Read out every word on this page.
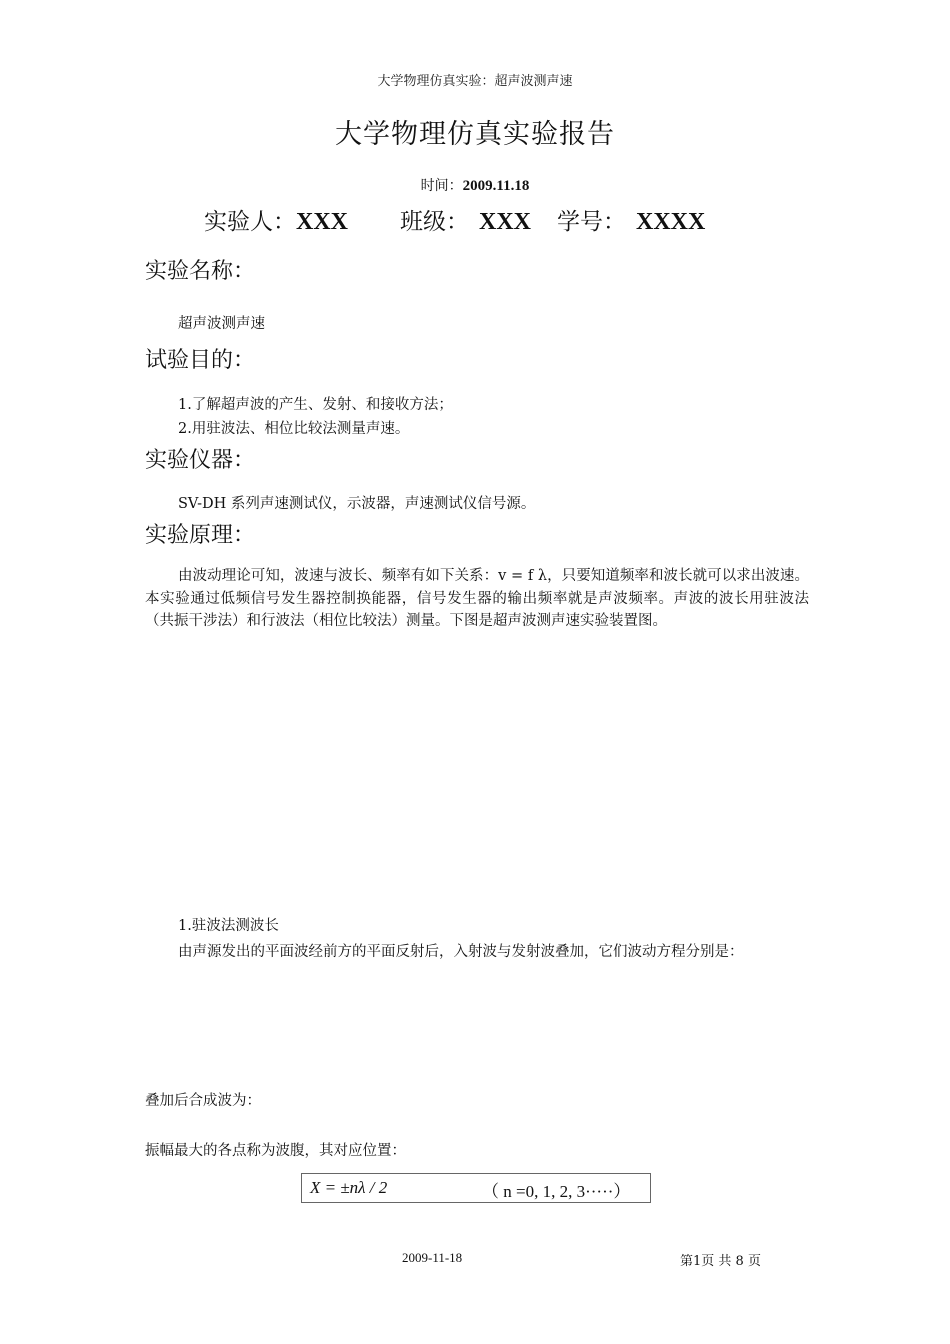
大学物理仿真实验：超声波测声速
大学物理仿真实验报告
时间：2009.11.18
实验人：XXX 班级： XXX 学号： XXXX
实验名称：
超声波测声速
试验目的：
1.了解超声波的产生、发射、和接收方法；
2.用驻波法、相位比较法测量声速。
实验仪器：
SV-DH 系列声速测试仪，示波器，声速测试仪信号源。
实验原理：
由波动理论可知，波速与波长、频率有如下关系：v = f λ，只要知道频率和波长就可以求出波速。本实验通过低频信号发生器控制换能器，信号发生器的输出频率就是声波频率。声波的波长用驻波法（共振干涉法）和行波法（相位比较法）测量。下图是超声波测声速实验装置图。
1.驻波法测波长
由声源发出的平面波经前方的平面反射后，入射波与发射波叠加，它们波动方程分别是：
叠加后合成波为：
振幅最大的各点称为波腹，其对应位置：
X = ±nλ / 2	（ n =0, 1, 2, 3·····）
2009-11-18	第1页 共 8 页
